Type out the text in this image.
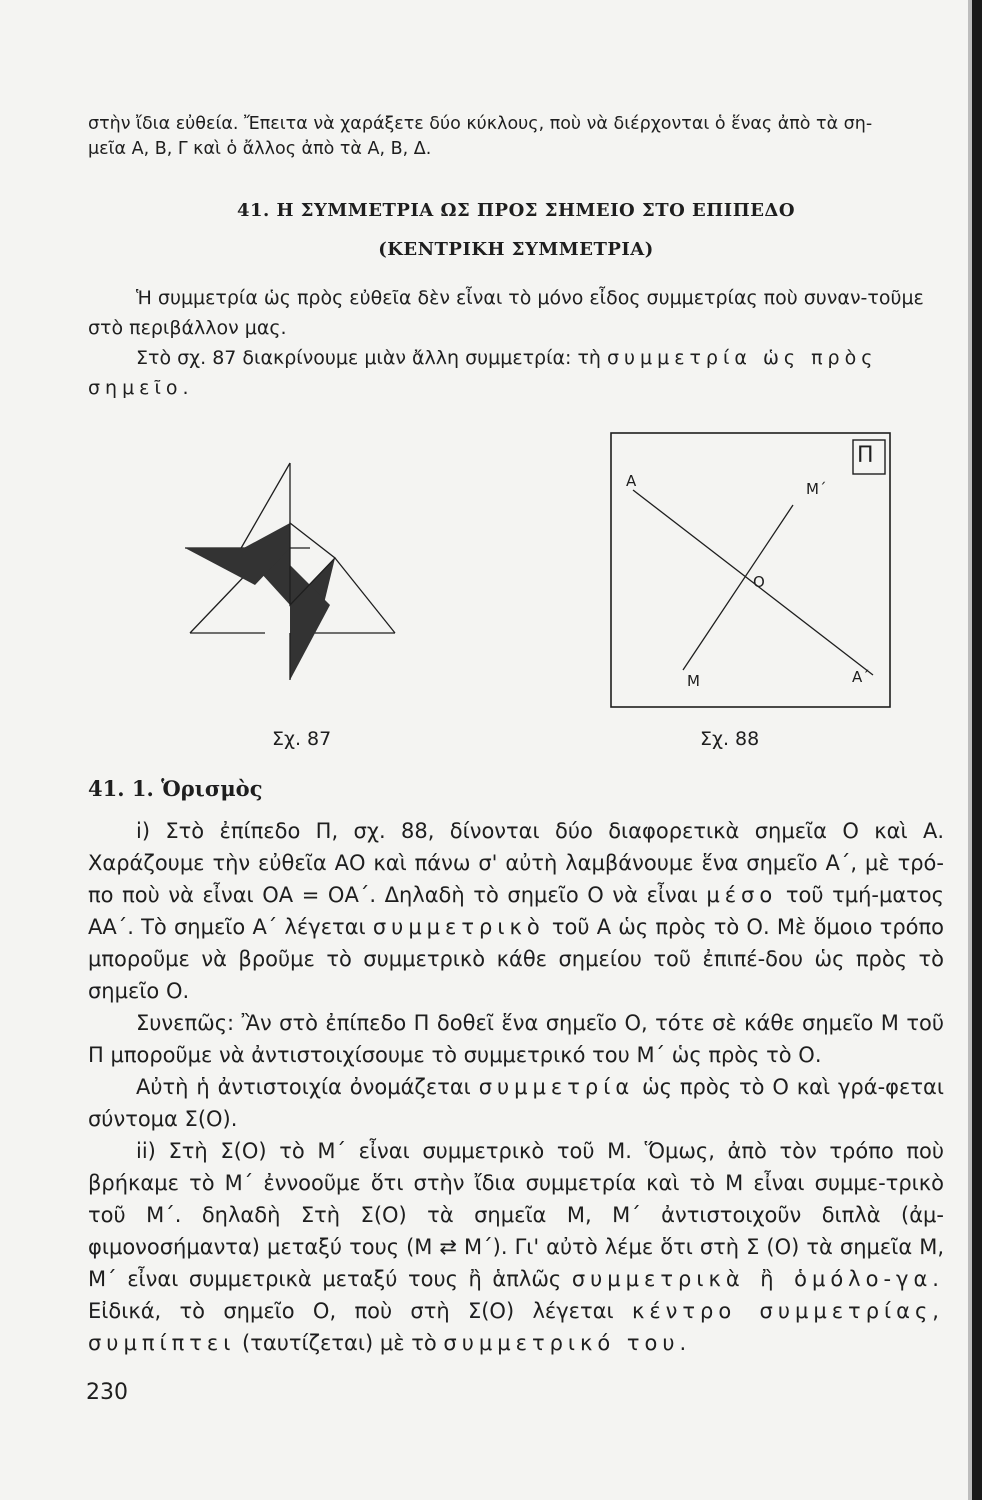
στὴν ἴδια εὐθεία. Ἔπειτα νὰ χαράξετε δύο κύκλους, ποὺ νὰ διέρχονται ὁ ἕνας ἀπὸ τὰ ση-

μεῖα Α, Β, Γ καὶ ὁ ἄλλος ἀπὸ τὰ Α, Β, Δ.

41. Η ΣΥΜΜΕΤΡΙΑ ΩΣ ΠΡΟΣ ΣΗΜΕΙΟ ΣΤΟ ΕΠΙΠΕΔΟ

(ΚΕΝΤΡΙΚΗ ΣΥΜΜΕΤΡΙΑ)

Ἡ συμμετρία ὡς πρὸς εὐθεῖα δὲν εἶναι τὸ μόνο εἶδος συμμετρίας ποὺ συναν-τοῦμε στὸ περιβάλλον μας.

Στὸ σχ. 87 διακρίνουμε μιὰν ἄλλη συμμετρία: τὴ συμμετρία ὡς πρὸς σημεῖο.

Π
Α	Μ΄
Ο
Μ	Α΄
Σχ. 87	Σχ. 88

41. 1. Ὁρισμὸς

i) Στὸ ἐπίπεδο Π, σχ. 88, δίνονται δύο διαφορετικὰ σημεῖα Ο καὶ Α. Χαράζουμε τὴν εὐθεῖα ΑΟ καὶ πάνω σ' αὐτὴ λαμβάνουμε ἕνα σημεῖο Α΄, μὲ τρό-πο ποὺ νὰ εἶναι ΟΑ = ΟΑ΄. Δηλαδὴ τὸ σημεῖο Ο νὰ εἶναι μέσο τοῦ τμή-ματος ΑΑ΄. Τὸ σημεῖο Α΄ λέγεται συμμετρικὸ τοῦ Α ὡς πρὸς τὸ Ο. Μὲ ὅμοιο τρόπο μποροῦμε νὰ βροῦμε τὸ συμμετρικὸ κάθε σημείου τοῦ ἐπιπέ-δου ὡς πρὸς τὸ σημεῖο Ο.

Συνεπῶς: Ἂν στὸ ἐπίπεδο Π δοθεῖ ἕνα σημεῖο Ο, τότε σὲ κάθε σημεῖο Μ τοῦ Π μποροῦμε νὰ ἀντιστοιχίσουμε τὸ συμμετρικό του Μ΄ ὡς πρὸς τὸ Ο.

Αὐτὴ ἡ ἀντιστοιχία ὀνομάζεται συμμετρία ὡς πρὸς τὸ Ο καὶ γρά-φεται σύντομα Σ(Ο).

ii) Στὴ Σ(Ο) τὸ Μ΄ εἶναι συμμετρικὸ τοῦ Μ. Ὅμως, ἀπὸ τὸν τρόπο ποὺ βρήκαμε τὸ Μ΄ ἐννοοῦμε ὅτι στὴν ἴδια συμμετρία καὶ τὸ Μ εἶναι συμμε-τρικὸ τοῦ Μ΄. δηλαδὴ Στὴ Σ(Ο) τὰ σημεῖα Μ, Μ΄ ἀντιστοιχοῦν διπλὰ (ἀμ-φιμονοσήμαντα) μεταξύ τους (Μ ⇄ Μ΄). Γι' αὐτὸ λέμε ὅτι στὴ Σ (Ο) τὰ σημεῖα Μ, Μ΄ εἶναι συμμετρικὰ μεταξύ τους ἢ ἁπλῶς συμμετρικὰ ἢ ὁμόλο-γα. Εἰδικά, τὸ σημεῖο Ο, ποὺ στὴ Σ(Ο) λέγεται κέντρο συμμετρίας, συμπίπτει (ταυτίζεται) μὲ τὸ συμμετρικό του.

230
